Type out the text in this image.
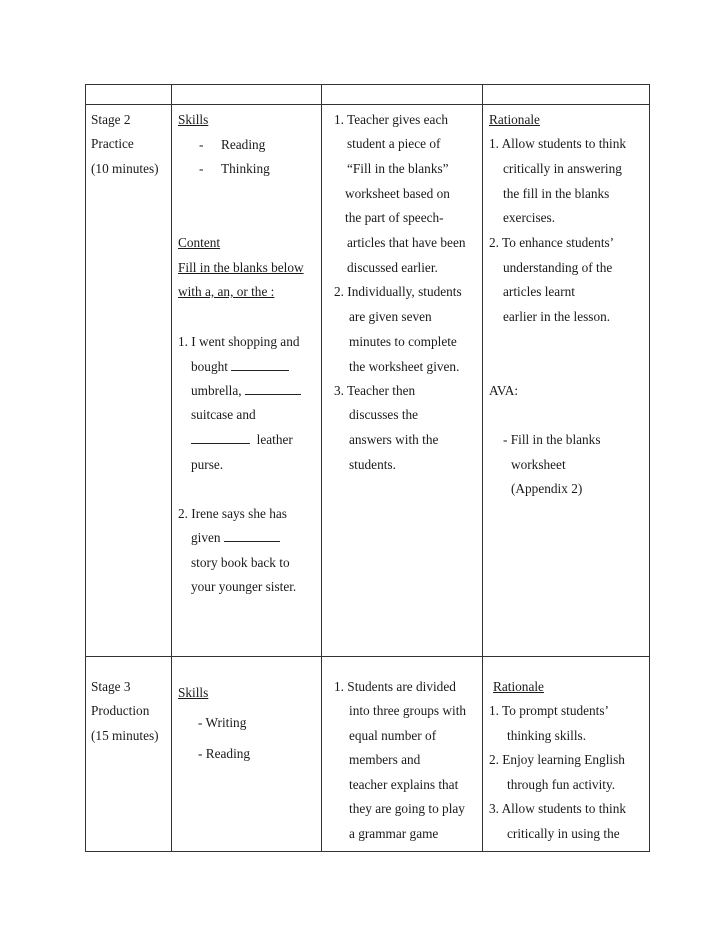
Stage 2
Practice
(10 minutes)
Skills
- Reading
- Thinking
Content
Fill in the blanks below
with a, an, or the :
1. I went shopping and
bought
umbrella,
suitcase and
leather
purse.
2. Irene says she has
given
story book back to
your younger sister.
1. Teacher gives each
student a piece of
“Fill in the blanks”
worksheet based on
the part of speech-
articles that have been
discussed earlier.
2. Individually, students
are given seven
minutes to complete
the worksheet given.
3. Teacher then
discusses the
answers with the
students.
Rationale
1. Allow students to think
critically in answering
the fill in the blanks
exercises.
2. To enhance students’
understanding of the
articles learnt
earlier in the lesson.
AVA:
- Fill in the blanks
worksheet
(Appendix 2)
Stage 3
Production
(15 minutes)
Skills
- Writing
- Reading
1. Students are divided
into three groups with
equal number of
members and
teacher explains that
they are going to play
a grammar game
Rationale
1. To prompt students’
thinking skills.
2. Enjoy learning English
through fun activity.
3. Allow students to think
critically in using the
